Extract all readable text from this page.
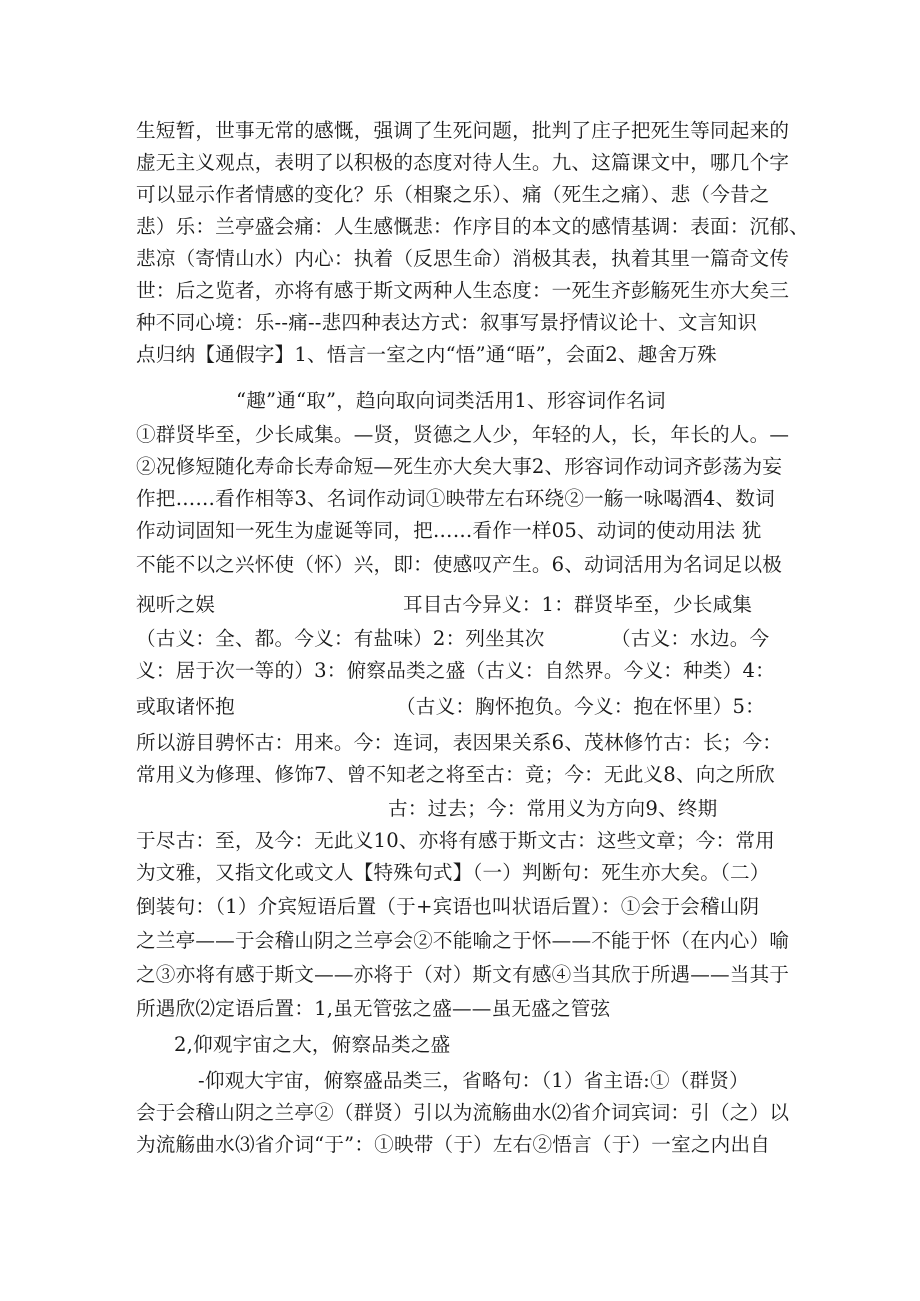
生短暂，世事无常的感慨，强调了生死问题，批判了庄子把死生等同起来的
虚无主义观点，表明了以积极的态度对待人生。九、这篇课文中，哪几个字
可以显示作者情感的变化？乐（相聚之乐）、痛（死生之痛）、悲（今昔之
悲）乐：兰亭盛会痛：人生感慨悲：作序目的本文的感情基调：表面：沉郁、
悲凉（寄情山水）内心：执着（反思生命）消极其表，执着其里一篇奇文传
世：后之览者，亦将有感于斯文两种人生态度：一死生齐彭觞死生亦大矣三
种不同心境：乐--痛--悲四种表达方式：叙事写景抒情议论十、文言知识
点归纳【通假字】1、悟言一室之内“悟”通“晤”，会面2、趣舍万殊
“趣”通“取”，趋向取向词类活用1、形容词作名词
①群贤毕至，少长咸集。—贤，贤德之人少，年轻的人，长，年长的人。—
②况修短随化寿命长寿命短—死生亦大矣大事2、形容词作动词齐彭荡为妄
作把……看作相等3、名词作动词①映带左右环绕②一觞一咏喝酒4、数词
作动词固知一死生为虚诞等同，把……看作一样05、动词的使动用法 犹
不能不以之兴怀使（怀）兴，即：使感叹产生。6、动词活用为名词足以极
视听之娱	耳目古今异义：1：群贤毕至，少长咸集
（古义：全、都。今义：有盐味）2：列坐其次	（古义：水边。今
义：居于次一等的）3：俯察品类之盛（古义：自然界。今义：种类）4：
或取诸怀抱	（古义：胸怀抱负。今义：抱在怀里）5：
所以游目骋怀古：用来。今：连词，表因果关系6、茂林修竹古：长；今：
常用义为修理、修饰7、曾不知老之将至古：竟；今：无此义8、向之所欣
古：过去；今：常用义为方向9、终期
于尽古：至，及今：无此义10、亦将有感于斯文古：这些文章；今：常用
为文雅，又指文化或文人【特殊句式】（一）判断句：死生亦大矣。（二）
倒装句：（1）介宾短语后置（于+宾语也叫状语后置）：①会于会稽山阴
之兰亭——于会稽山阴之兰亭会②不能喻之于怀——不能于怀（在内心）喻
之③亦将有感于斯文——亦将于（对）斯文有感④当其欣于所遇——当其于
所遇欣⑵定语后置：1,虽无管弦之盛——虽无盛之管弦
2,仰观宇宙之大，俯察品类之盛
-仰观大宇宙，俯察盛品类三，省略句：（1）省主语:①（群贤）
会于会稽山阴之兰亭②（群贤）引以为流觞曲水⑵省介词宾词：引（之）以
为流觞曲水⑶省介词“于”：①映带（于）左右②悟言（于）一室之内出自
